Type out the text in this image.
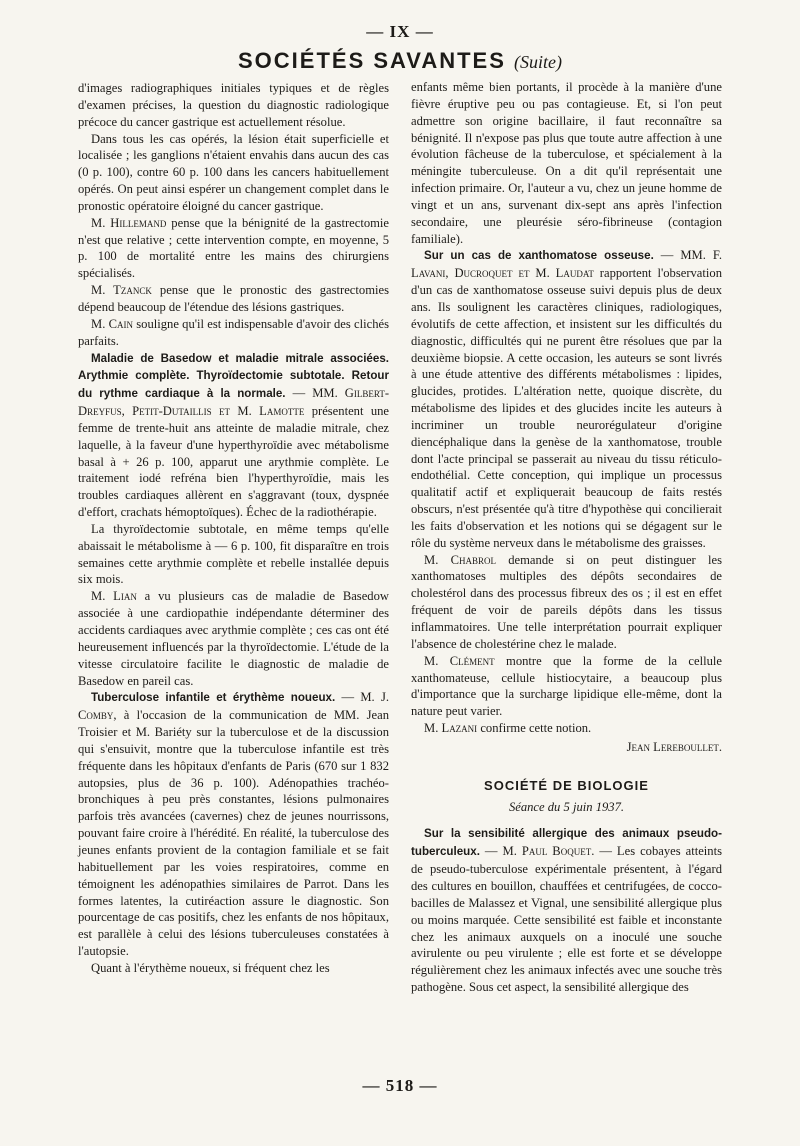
— IX —
SOCIÉTÉS SAVANTES (Suite)

d'images radiographiques initiales typiques et de règles d'examen précises, la question du diagnostic radiologique précoce du cancer gastrique est actuellement résolue.

Dans tous les cas opérés, la lésion était superficielle et localisée ; les ganglions n'étaient envahis dans aucun des cas (0 p. 100), contre 60 p. 100 dans les cancers habituellement opérés. On peut ainsi espérer un changement complet dans le pronostic opératoire éloigné du cancer gastrique.

M. Hillemand pense que la bénignité de la gastrectomie n'est que relative ; cette intervention compte, en moyenne, 5 p. 100 de mortalité entre les mains des chirurgiens spécialisés.

M. Tzanck pense que le pronostic des gastrectomies dépend beaucoup de l'étendue des lésions gastriques.

M. Cain souligne qu'il est indispensable d'avoir des clichés parfaits.

Maladie de Basedow et maladie mitrale associées. Arythmie complète. Thyroïdectomie subtotale. Retour du rythme cardiaque à la normale. — MM. Gilbert-Dreyfus, Petit-Dutaillis et M. Lamotte présentent une femme de trente-huit ans atteinte de maladie mitrale, chez laquelle, à la faveur d'une hyperthyroïdie avec métabolisme basal à + 26 p. 100, apparut une arythmie complète. Le traitement iodé refréna bien l'hyperthyroïdie, mais les troubles cardiaques allèrent en s'aggravant (toux, dyspnée d'effort, crachats hémoptoïques). Échec de la radiothérapie.

La thyroïdectomie subtotale, en même temps qu'elle abaissait le métabolisme à — 6 p. 100, fit disparaître en trois semaines cette arythmie complète et rebelle installée depuis six mois.

M. Lian a vu plusieurs cas de maladie de Basedow associée à une cardiopathie indépendante déterminer des accidents cardiaques avec arythmie complète ; ces cas ont été heureusement influencés par la thyroïdectomie. L'étude de la vitesse circulatoire facilite le diagnostic de maladie de Basedow en pareil cas.

Tuberculose infantile et érythème noueux. — M. J. Comby, à l'occasion de la communication de MM. Jean Troisier et M. Bariéty sur la tuberculose et de la discussion qui s'ensuivit, montre que la tuberculose infantile est très fréquente dans les hôpitaux d'enfants de Paris (670 sur 1 832 autopsies, plus de 36 p. 100). Adénopathies trachéo-bronchiques à peu près constantes, lésions pulmonaires parfois très avancées (cavernes) chez de jeunes nourrissons, pouvant faire croire à l'hérédité. En réalité, la tuberculose des jeunes enfants provient de la contagion familiale et se fait habituellement par les voies respiratoires, comme en témoignent les adénopathies similaires de Parrot. Dans les formes latentes, la cutiréaction assure le diagnostic. Son pourcentage de cas positifs, chez les enfants de nos hôpitaux, est parallèle à celui des lésions tuberculeuses constatées à l'autopsie.

Quant à l'érythème noueux, si fréquent chez les

enfants même bien portants, il procède à la manière d'une fièvre éruptive peu ou pas contagieuse. Et, si l'on peut admettre son origine bacillaire, il faut reconnaître sa bénignité. Il n'expose pas plus que toute autre affection à une évolution fâcheuse de la tuberculose, et spécialement à la méningite tuberculeuse. On a dit qu'il représentait une infection primaire. Or, l'auteur a vu, chez un jeune homme de vingt et un ans, survenant dix-sept ans après l'infection secondaire, une pleurésie séro-fibrineuse (contagion familiale).

Sur un cas de xanthomatose osseuse. — MM. F. Lavani, Ducroquet et M. Laudat rapportent l'observation d'un cas de xanthomatose osseuse suivi depuis plus de deux ans. Ils soulignent les caractères cliniques, radiologiques, évolutifs de cette affection, et insistent sur les difficultés du diagnostic, difficultés qui ne purent être résolues que par la deuxième biopsie. A cette occasion, les auteurs se sont livrés à une étude attentive des différents métabolismes : lipides, glucides, protides. L'altération nette, quoique discrète, du métabolisme des lipides et des glucides incite les auteurs à incriminer un trouble neurorégulateur d'origine diencéphalique dans la genèse de la xanthomatose, trouble dont l'acte principal se passerait au niveau du tissu réticulo-endothélial. Cette conception, qui implique un processus qualitatif actif et expliquerait beaucoup de faits restés obscurs, n'est présentée qu'à titre d'hypothèse qui concilierait les faits d'observation et les notions qui se dégagent sur le rôle du système nerveux dans le métabolisme des graisses.

M. Chabrol demande si on peut distinguer les xanthomatoses multiples des dépôts secondaires de cholestérol dans des processus fibreux des os ; il est en effet fréquent de voir de pareils dépôts dans les tissus inflammatoires. Une telle interprétation pourrait expliquer l'absence de cholestérine chez le malade.

M. Clément montre que la forme de la cellule xanthomateuse, cellule histiocytaire, a beaucoup plus d'importance que la surcharge lipidique elle-même, dont la nature peut varier.

M. Lazani confirme cette notion.

Jean Lereboullet.

SOCIÉTÉ DE BIOLOGIE

Séance du 5 juin 1937.

Sur la sensibilité allergique des animaux pseudo-tuberculeux. — M. Paul Boquet. — Les cobayes atteints de pseudo-tuberculose expérimentale présentent, à l'égard des cultures en bouillon, chauffées et centrifugées, de cocco-bacilles de Malassez et Vignal, une sensibilité allergique plus ou moins marquée. Cette sensibilité est faible et inconstante chez les animaux auxquels on a inoculé une souche avirulente ou peu virulente ; elle est forte et se développe régulièrement chez les animaux infectés avec une souche très pathogène. Sous cet aspect, la sensibilité allergique des

— 518 —
